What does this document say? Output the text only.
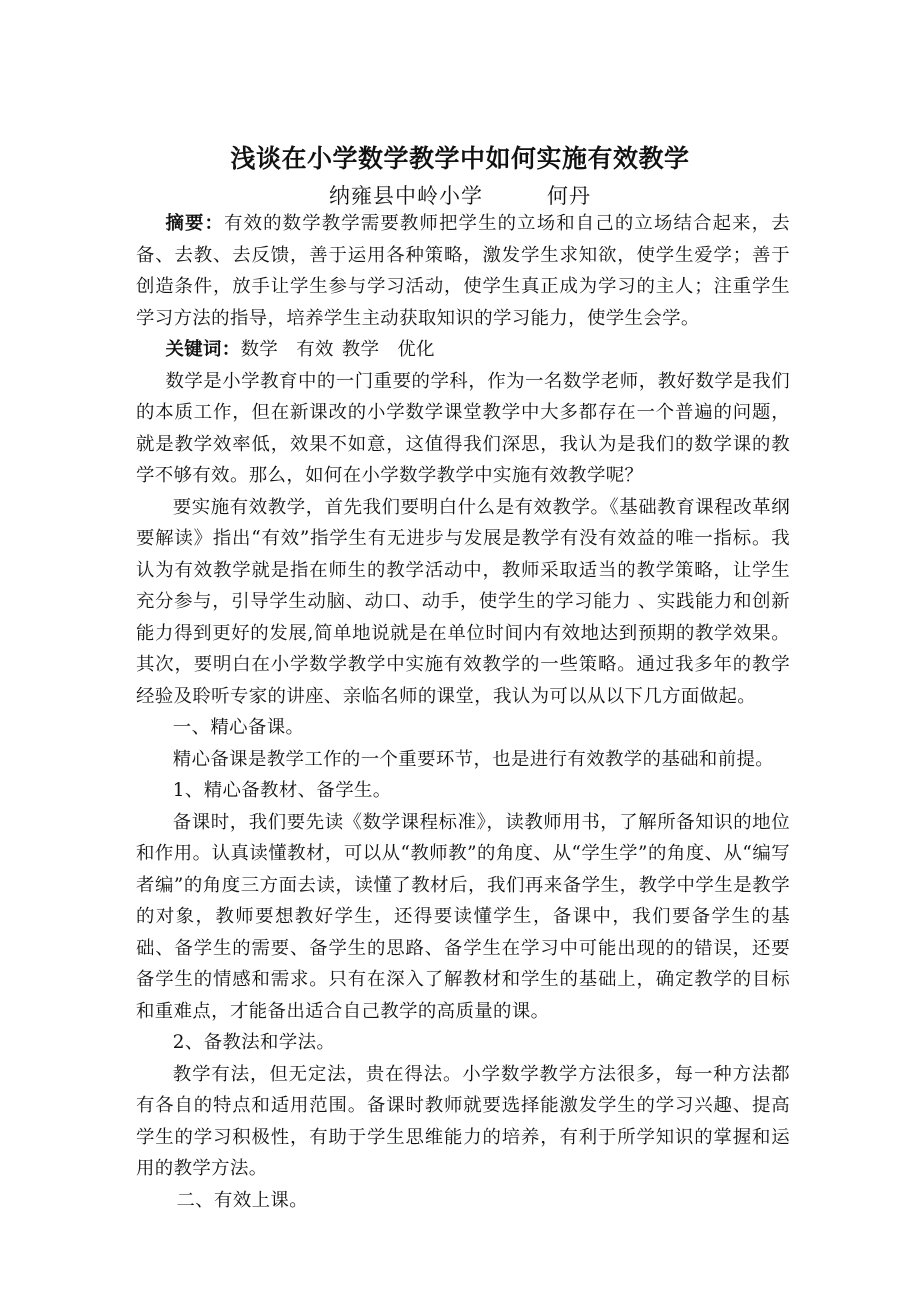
浅谈在小学数学教学中如何实施有效教学
纳雍县中岭小学	何丹

摘要：有效的数学教学需要教师把学生的立场和自己的立场结合起来，去备、去教、去反馈，善于运用各种策略，激发学生求知欲，使学生爱学；善于创造条件，放手让学生参与学习活动，使学生真正成为学习的主人；注重学生学习方法的指导，培养学生主动获取知识的学习能力，使学生会学。

关键词：数学 有效 教学 优化

数学是小学教育中的一门重要的学科，作为一名数学老师，教好数学是我们的本质工作，但在新课改的小学数学课堂教学中大多都存在一个普遍的问题，就是教学效率低，效果不如意，这值得我们深思，我认为是我们的数学课的教学不够有效。那么，如何在小学数学教学中实施有效教学呢？

要实施有效教学，首先我们要明白什么是有效教学。《基础教育课程改革纲要解读》指出“有效”指学生有无进步与发展是教学有没有效益的唯一指标。我认为有效教学就是指在师生的教学活动中，教师采取适当的教学策略，让学生充分参与，引导学生动脑、动口、动手，使学生的学习能力 、实践能力和创新能力得到更好的发展,简单地说就是在单位时间内有效地达到预期的教学效果。其次，要明白在小学数学教学中实施有效教学的一些策略。通过我多年的教学经验及聆听专家的讲座、亲临名师的课堂，我认为可以从以下几方面做起。

一、精心备课。

精心备课是教学工作的一个重要环节，也是进行有效教学的基础和前提。

1、精心备教材、备学生。

备课时，我们要先读《数学课程标准》，读教师用书，了解所备知识的地位和作用。认真读懂教材，可以从“教师教”的角度、从“学生学”的角度、从“编写者编”的角度三方面去读，读懂了教材后，我们再来备学生，教学中学生是教学的对象，教师要想教好学生，还得要读懂学生，备课中，我们要备学生的基础、备学生的需要、备学生的思路、备学生在学习中可能出现的的错误，还要备学生的情感和需求。只有在深入了解教材和学生的基础上，确定教学的目标和重难点，才能备出适合自己教学的高质量的课。

2、备教法和学法。

教学有法，但无定法，贵在得法。小学数学教学方法很多，每一种方法都有各自的特点和适用范围。备课时教师就要选择能激发学生的学习兴趣、提高学生的学习积极性，有助于学生思维能力的培养，有利于所学知识的掌握和运用的教学方法。

二、有效上课。
